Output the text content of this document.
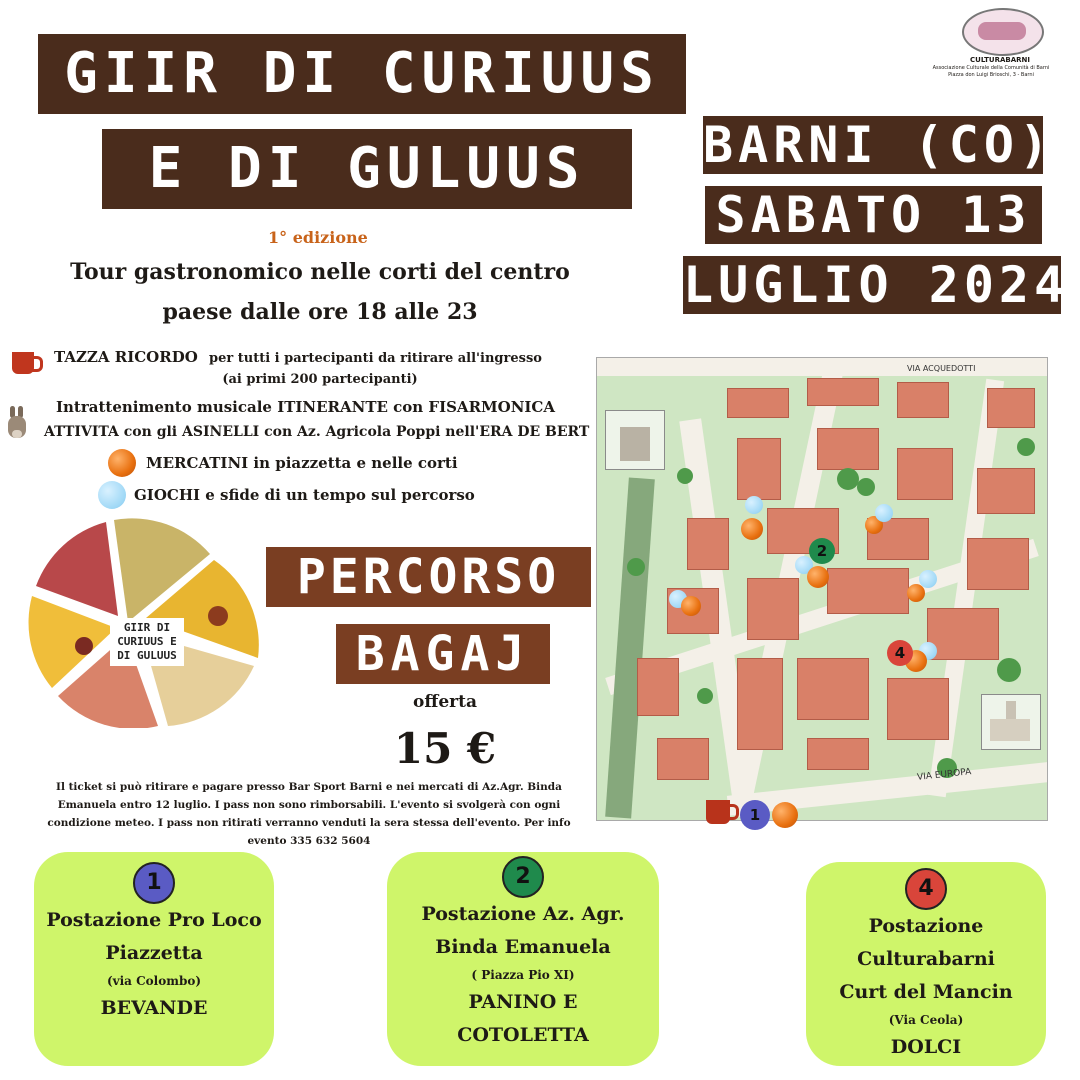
GIIR DI CURIUUS
E DI GULUUS
CULTURABARNI
Associazione Culturale della Comunità di Barni
Piazza don Luigi Brioschi, 3 - Barni
BARNI (CO)
SABATO 13
LUGLIO 2024
1° edizione
Tour gastronomico nelle corti del centro
paese dalle ore 18 alle 23
TAZZA RICORDO per tutti i partecipanti da ritirare all'ingresso
(ai primi 200 partecipanti)
Intrattenimento musicale ITINERANTE con FISARMONICA
ATTIVITA con gli ASINELLI con Az. Agricola Poppi nell'ERA DE BERT
MERCATINI in piazzetta e nelle corti
GIOCHI e sfide di un tempo sul percorso
GIIR DI
CURIUUS E
DI GULUUS
PERCORSO
BAGAJ
offerta
15 €
Il ticket si può ritirare e pagare presso Bar Sport Barni e nei mercati di Az.Agr. Binda
Emanuela entro 12 luglio. I pass non sono rimborsabili. L'evento si svolgerà con ogni
condizione meteo. I pass non ritirati verranno venduti la sera stessa dell'evento. Per info
evento 335 632 5604
VIA EUROPA
VIA ACQUEDOTTI
2
4
1
1
Postazione Pro Loco
Piazzetta
(via Colombo)
BEVANDE
2
Postazione Az. Agr.
Binda Emanuela
( Piazza Pio XI)
PANINO E
COTOLETTA
4
Postazione
Culturabarni
Curt del Mancin
(Via Ceola)
DOLCI
